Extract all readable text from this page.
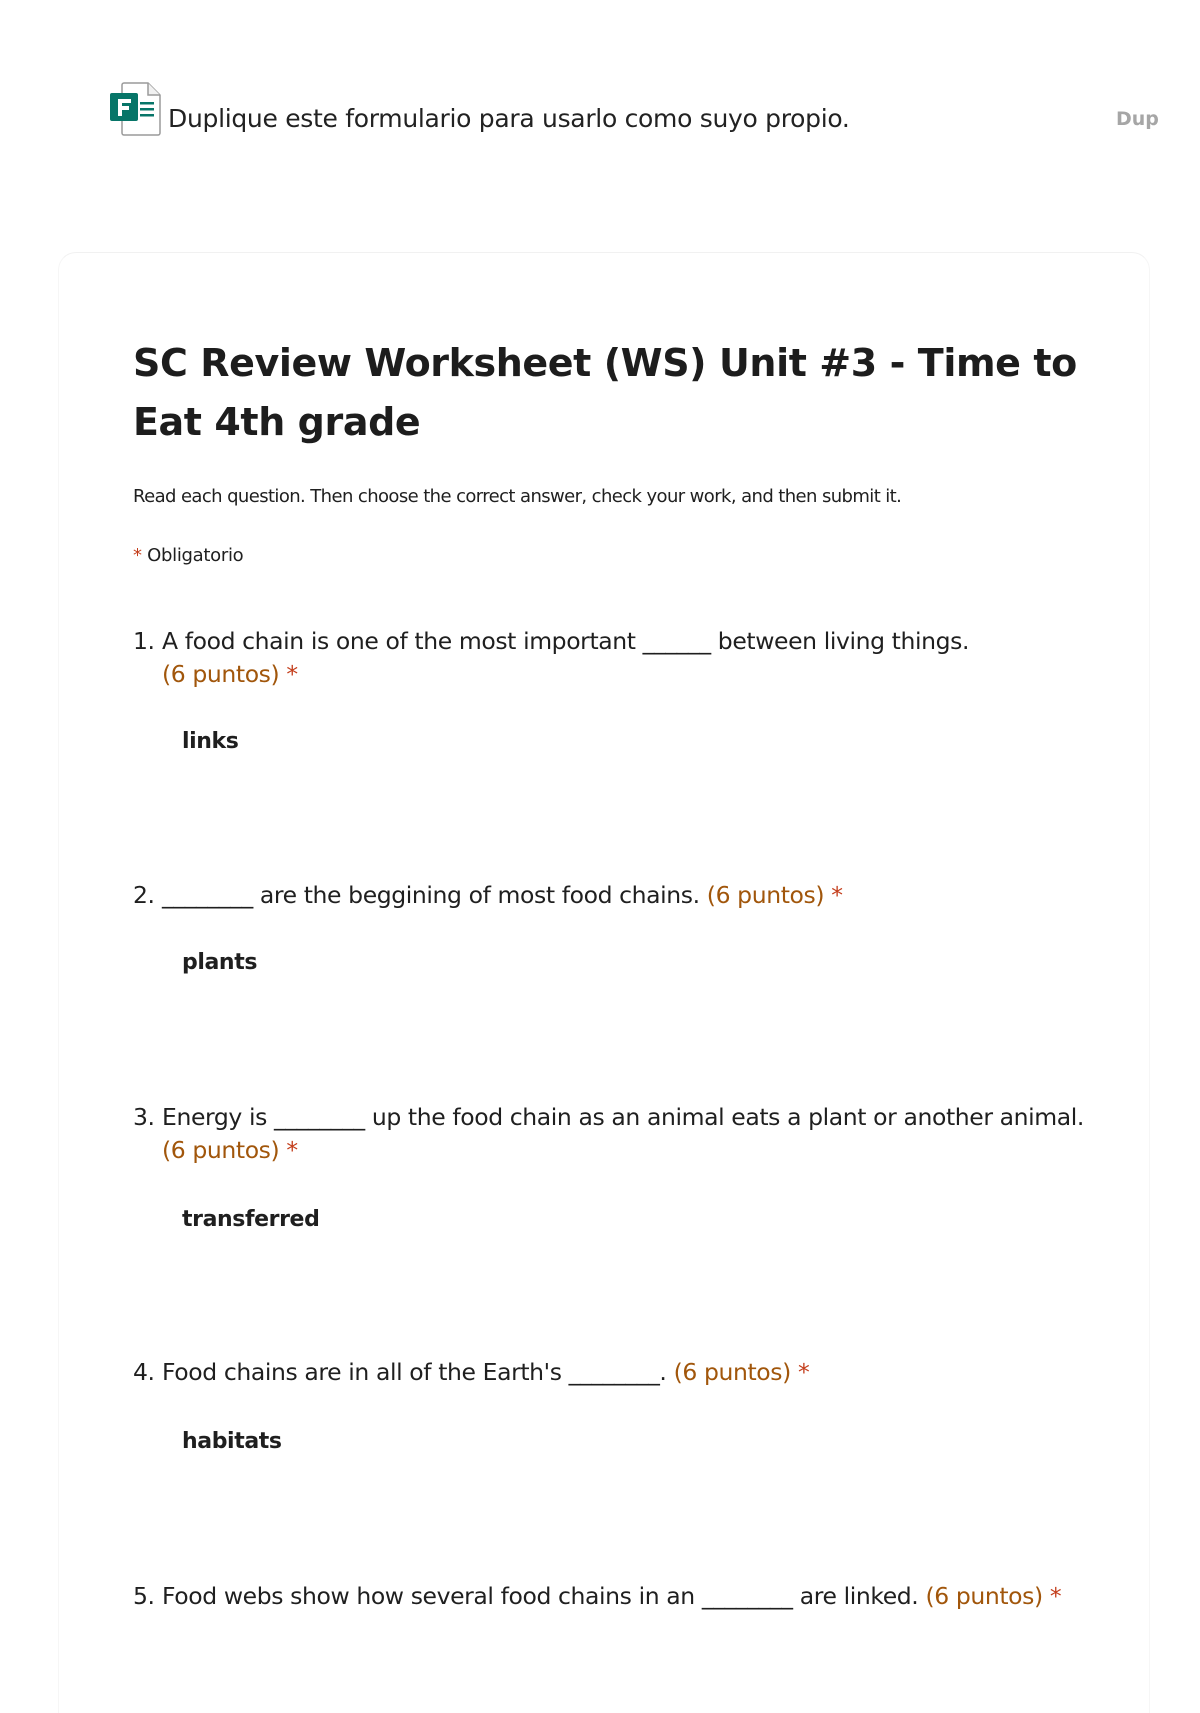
Duplique este formulario para usarlo como suyo propio.	Dup
SC Review Worksheet (WS) Unit #3 - Time to Eat 4th grade
Read each question. Then choose the correct answer, check your work, and then submit it.
* Obligatorio
1. A food chain is one of the most important ______ between living things.
(6 puntos) *
links
2. ________ are the beggining of most food chains. (6 puntos) *
plants
3. Energy is ________ up the food chain as an animal eats a plant or another animal. (6 puntos) *
transferred
4. Food chains are in all of the Earth's ________. (6 puntos) *
habitats
5. Food webs show how several food chains in an ________ are linked. (6 puntos) *
